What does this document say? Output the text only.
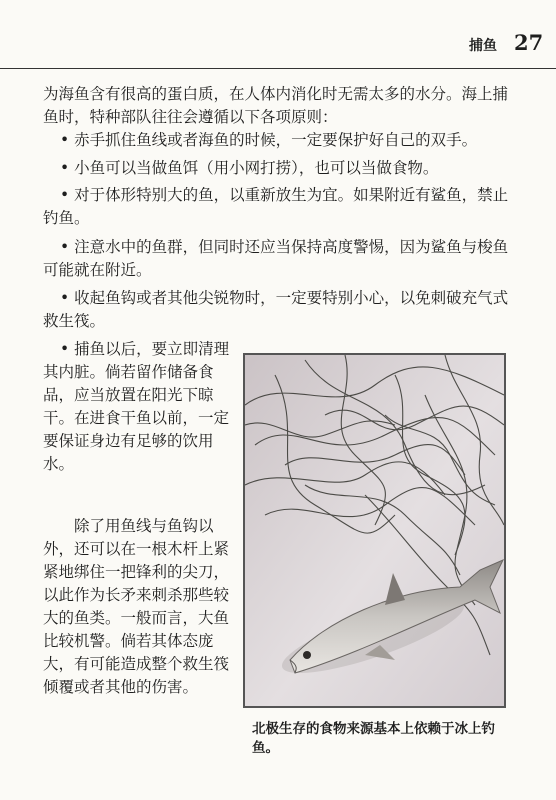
捕鱼 27

为海鱼含有很高的蛋白质，在人体内消化时无需太多的水分。海上捕鱼时，特种部队往往会遵循以下各项原则：

• 赤手抓住鱼线或者海鱼的时候，一定要保护好自己的双手。

• 小鱼可以当做鱼饵（用小网打捞），也可以当做食物。

• 对于体形特别大的鱼，以重新放生为宜。如果附近有鲨鱼，禁止钓鱼。

• 注意水中的鱼群，但同时还应当保持高度警惕，因为鲨鱼与梭鱼可能就在附近。

• 收起鱼钩或者其他尖锐物时，一定要特别小心，以免刺破充气式救生筏。

• 捕鱼以后，要立即清理其内脏。倘若留作储备食品，应当放置在阳光下晾干。在进食干鱼以前，一定要保证身边有足够的饮用水。

除了用鱼线与鱼钩以外，还可以在一根木杆上紧紧地绑住一把锋利的尖刀，以此作为长矛来刺杀那些较大的鱼类。一般而言，大鱼比较机警。倘若其体态庞大，有可能造成整个救生筏倾覆或者其他的伤害。

北极生存的食物来源基本上依赖于冰上钓鱼。
